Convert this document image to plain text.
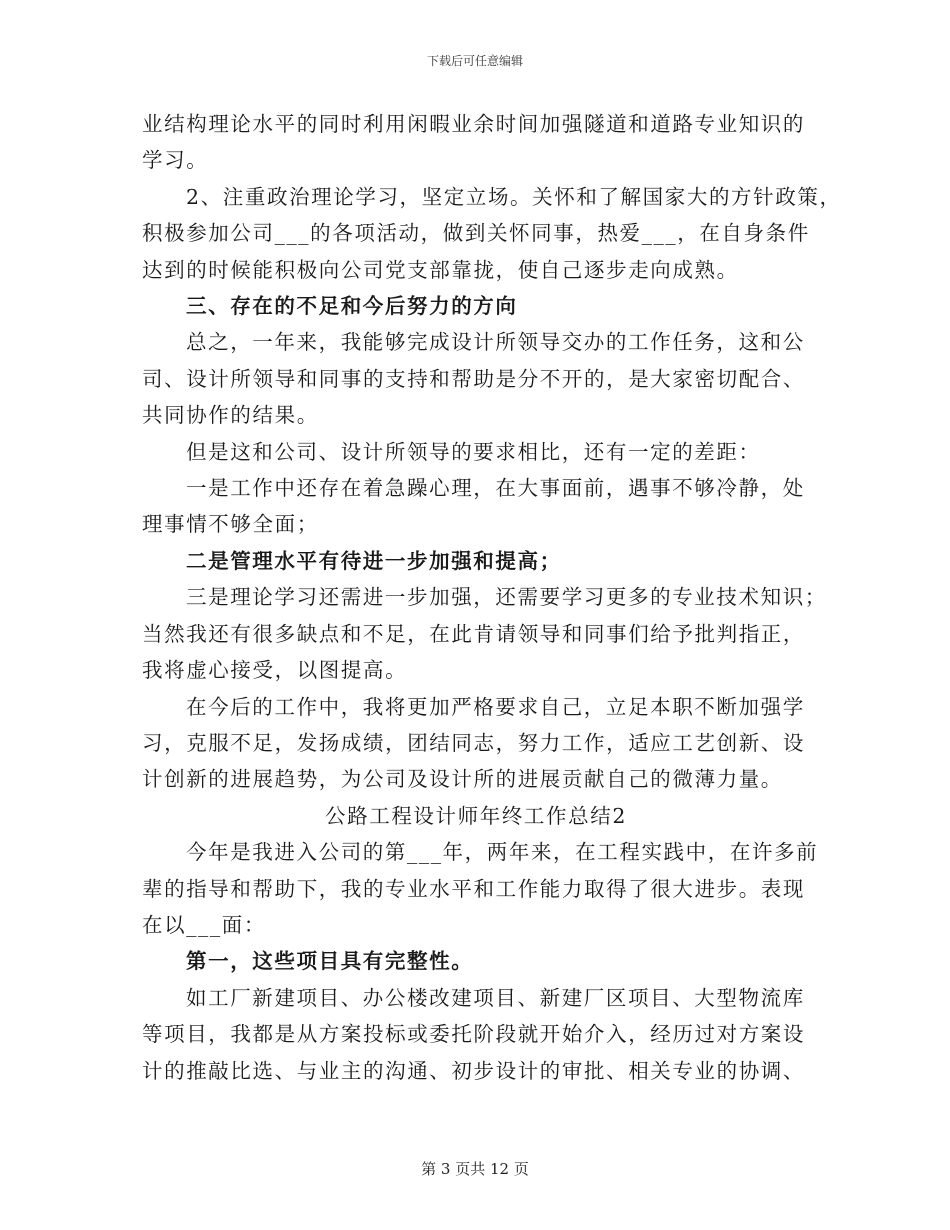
下载后可任意编辑

业结构理论水平的同时利用闲暇业余时间加强隧道和道路专业知识的

学习。

2、注重政治理论学习，坚定立场。关怀和了解国家大的方针政策，

积极参加公司___的各项活动，做到关怀同事，热爱___，在自身条件

达到的时候能积极向公司党支部靠拢，使自己逐步走向成熟。

三、存在的不足和今后努力的方向

总之，一年来，我能够完成设计所领导交办的工作任务，这和公

司、设计所领导和同事的支持和帮助是分不开的，是大家密切配合、

共同协作的结果。

但是这和公司、设计所领导的要求相比，还有一定的差距：

一是工作中还存在着急躁心理，在大事面前，遇事不够冷静，处

理事情不够全面；

二是管理水平有待进一步加强和提高；

三是理论学习还需进一步加强，还需要学习更多的专业技术知识；

当然我还有很多缺点和不足，在此肯请领导和同事们给予批判指正，

我将虚心接受，以图提高。

在今后的工作中，我将更加严格要求自己，立足本职不断加强学

习，克服不足，发扬成绩，团结同志，努力工作，适应工艺创新、设

计创新的进展趋势，为公司及设计所的进展贡献自己的微薄力量。

公路工程设计师年终工作总结2

今年是我进入公司的第___年，两年来，在工程实践中，在许多前

辈的指导和帮助下，我的专业水平和工作能力取得了很大进步。表现

在以___面：

第一，这些项目具有完整性。

如工厂新建项目、办公楼改建项目、新建厂区项目、大型物流库

等项目，我都是从方案投标或委托阶段就开始介入，经历过对方案设

计的推敲比选、与业主的沟通、初步设计的审批、相关专业的协调、

第 3 页共 12 页
